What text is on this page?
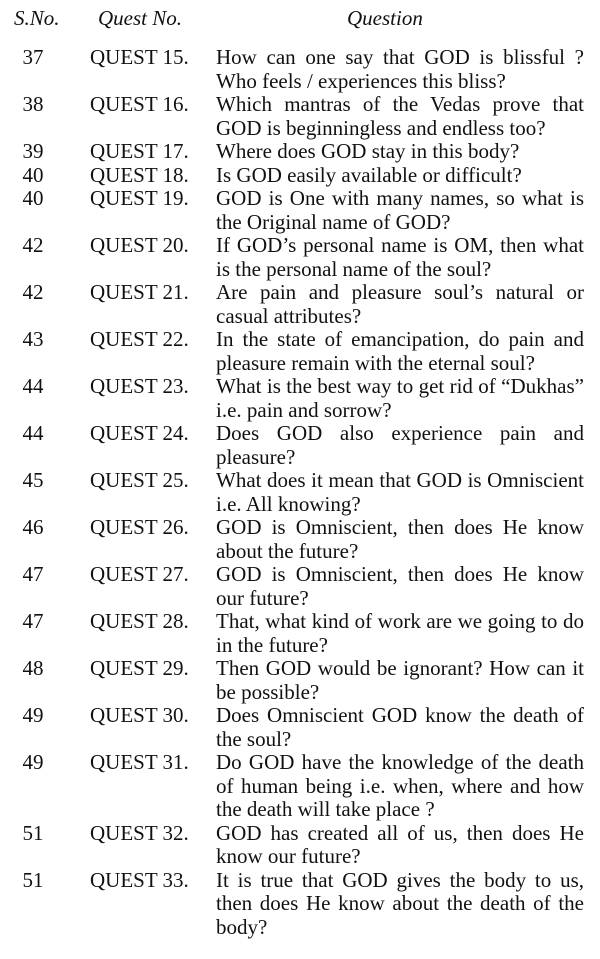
S.No. Quest No.	Question
37	QUEST 15. How can one say that GOD is blissful ? Who feels / experiences this bliss?
38	QUEST 16. Which mantras of the Vedas prove that GOD is beginningless and endless too?
39	QUEST 17. Where does GOD stay in this body?
40	QUEST 18. Is GOD easily available or difficult?
40	QUEST 19. GOD is One with many names, so what is the Original name of GOD?
42	QUEST 20. If GOD’s personal name is OM, then what is the personal name of the soul?
42	QUEST 21. Are pain and pleasure soul’s natural or casual attributes?
43	QUEST 22. In the state of emancipation, do pain and pleasure remain with the eternal soul?
44	QUEST 23. What is the best way to get rid of “Dukhas” i.e. pain and sorrow?
44	QUEST 24. Does GOD also experience pain and pleasure?
45	QUEST 25. What does it mean that GOD is Omniscient i.e. All knowing?
46	QUEST 26. GOD is Omniscient, then does He know about the future?
47	QUEST 27. GOD is Omniscient, then does He know our future?
47	QUEST 28. That, what kind of work are we going to do in the future?
48	QUEST 29. Then GOD would be ignorant? How can it be possible?
49	QUEST 30. Does Omniscient GOD know the death of the soul?
49	QUEST 31. Do GOD have the knowledge of the death of human being i.e. when, where and how the death will take place ?
51	QUEST 32. GOD has created all of us, then does He know our future?
51	QUEST 33. It is true that GOD gives the body to us, then does He know about the death of the body?
